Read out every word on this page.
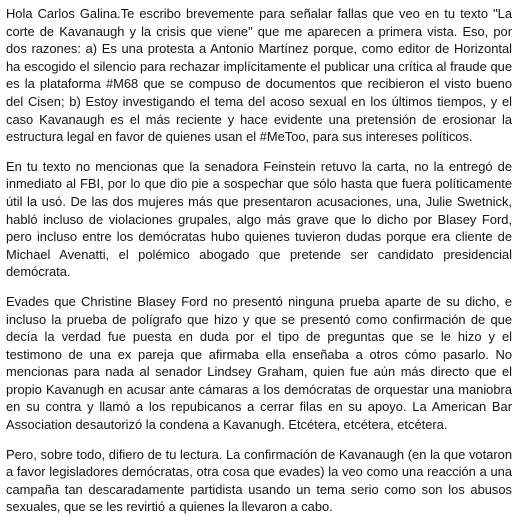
Hola Carlos Galina.Te escribo brevemente para señalar fallas que veo en tu texto "La corte de Kavanaugh y la crisis que viene" que me aparecen a primera vista. Eso, por dos razones: a) Es una protesta a Antonio Martínez porque, como editor de Horizontal ha escogido el silencio para rechazar implícitamente el publicar una crítica al fraude que es la plataforma #M68 que se compuso de documentos que recibieron el visto bueno del Cisen; b) Estoy investigando el tema del acoso sexual en los últimos tiempos, y el caso Kavanaugh es el más reciente y hace evidente una pretensión de erosionar la estructura legal en favor de quienes usan el #MeToo, para sus intereses políticos.

En tu texto no mencionas que la senadora Feinstein retuvo la carta, no la entregó de inmediato al FBI, por lo que dio pie a sospechar que sólo hasta que fuera políticamente útil la usó. De las dos mujeres más que presentaron acusaciones, una, Julie Swetnick, habló incluso de violaciones grupales, algo más grave que lo dicho por Blasey Ford, pero incluso entre los demócratas hubo quienes tuvieron dudas porque era cliente de Michael Avenatti, el polémico abogado que pretende ser candidato presidencial demócrata.

Evades que Christine Blasey Ford no presentó ninguna prueba aparte de su dicho, e incluso la prueba de polígrafo que hizo y que se presentó como confirmación de que decía la verdad fue puesta en duda por el tipo de preguntas que se le hizo y el testimono de una ex pareja que afirmaba ella enseñaba a otros cómo pasarlo. No mencionas para nada al senador Lindsey Graham, quien fue aún más directo que el propio Kavanugh en acusar ante cámaras a los demócratas de orquestar una maniobra en su contra y llamó a los repubicanos a cerrar filas en su apoyo. La American Bar Association desautorizó la condena a Kavanugh. Etcétera, etcétera, etcétera.

Pero, sobre todo, difiero de tu lectura. La confirmación de Kavanaugh (en la que votaron a favor legisladores demócratas, otra cosa que evades) la veo como una reacción a una campaña tan descaradamente partidista usando un tema serio como son los abusos sexuales, que se les revirtió a quienes la llevaron a cabo.
